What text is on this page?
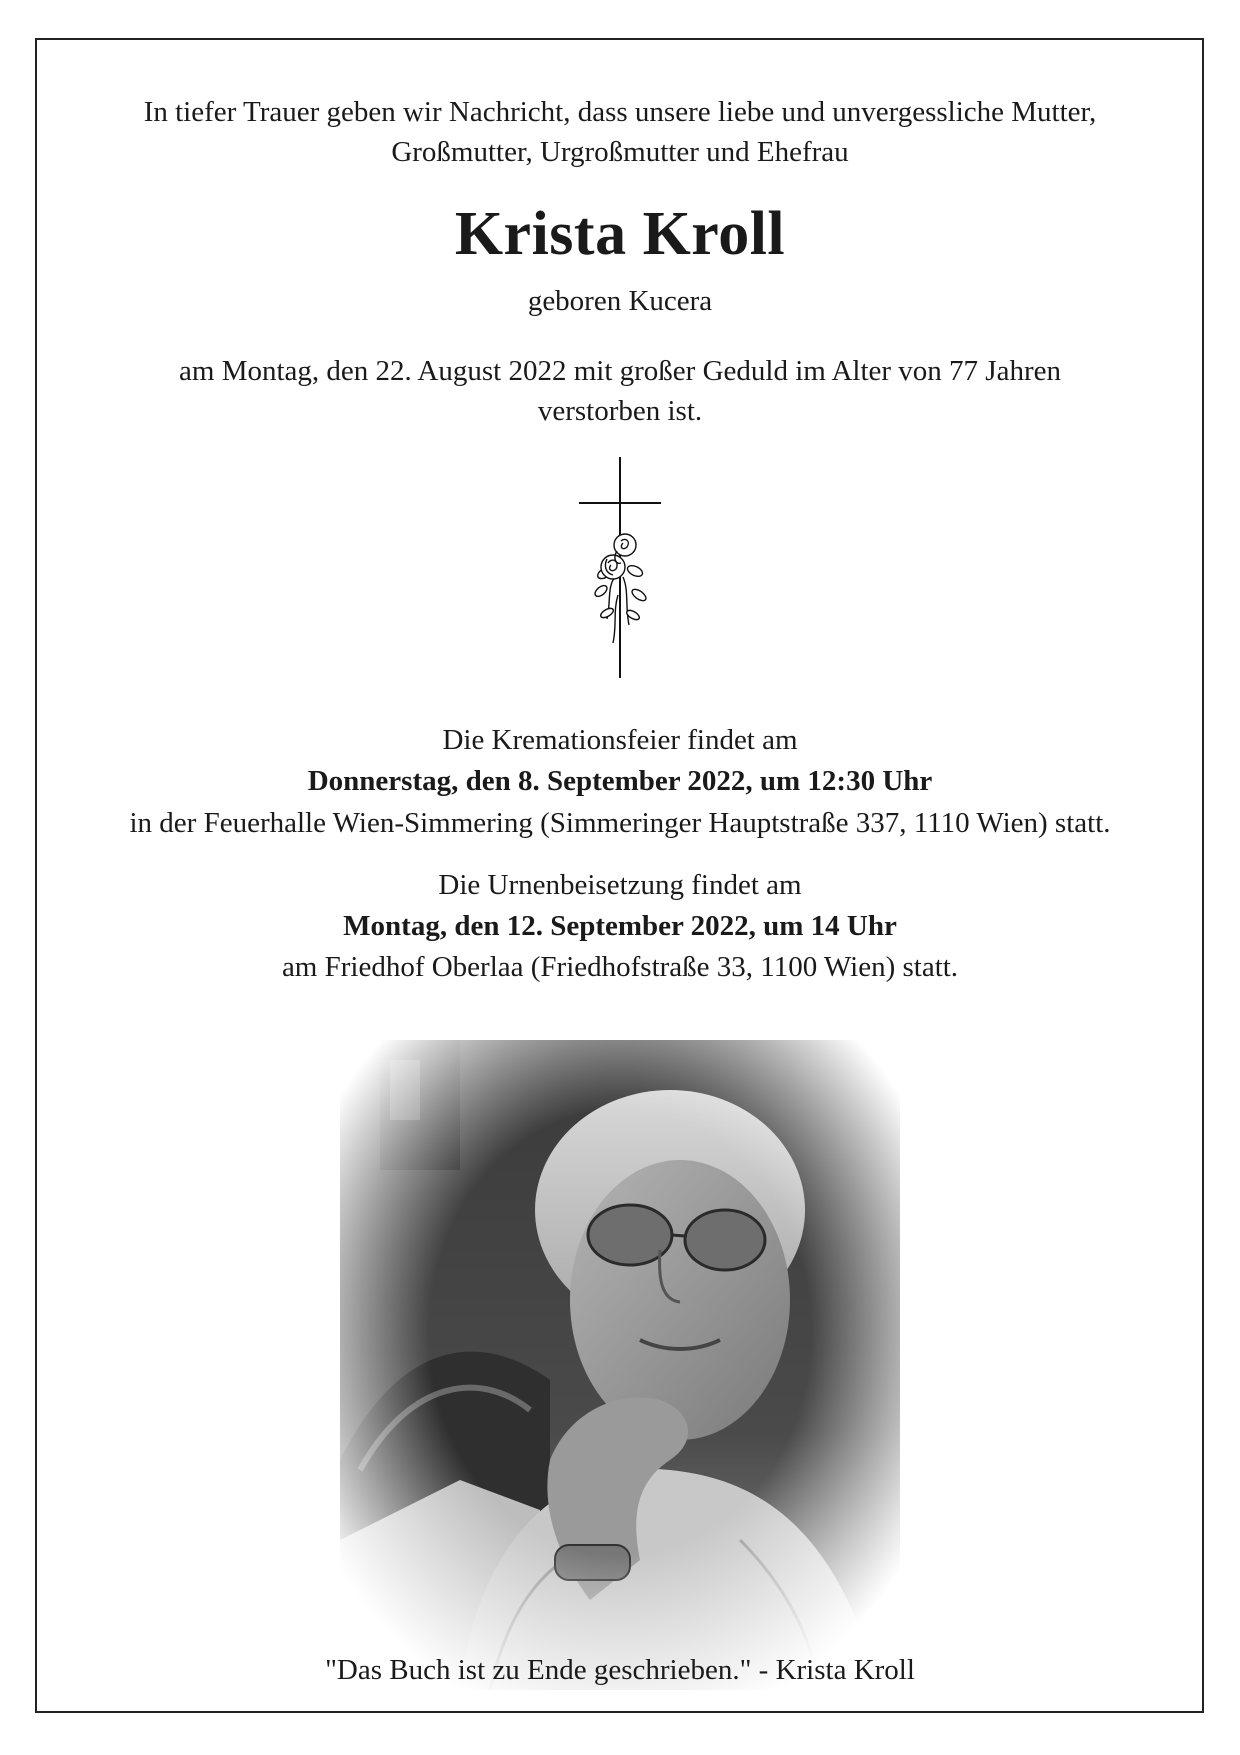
In tiefer Trauer geben wir Nachricht, dass unsere liebe und unvergessliche Mutter,
Großmutter, Urgroßmutter und Ehefrau
Krista Kroll
geboren Kucera
am Montag, den 22. August 2022 mit großer Geduld im Alter von 77 Jahren
verstorben ist.
Die Kremationsfeier findet am
Donnerstag, den 8. September 2022, um 12:30 Uhr
in der Feuerhalle Wien-Simmering (Simmeringer Hauptstraße 337, 1110 Wien) statt.
Die Urnenbeisetzung findet am
Montag, den 12. September 2022, um 14 Uhr
am Friedhof Oberlaa (Friedhofstraße 33, 1100 Wien) statt.
"Das Buch ist zu Ende geschrieben." - Krista Kroll
